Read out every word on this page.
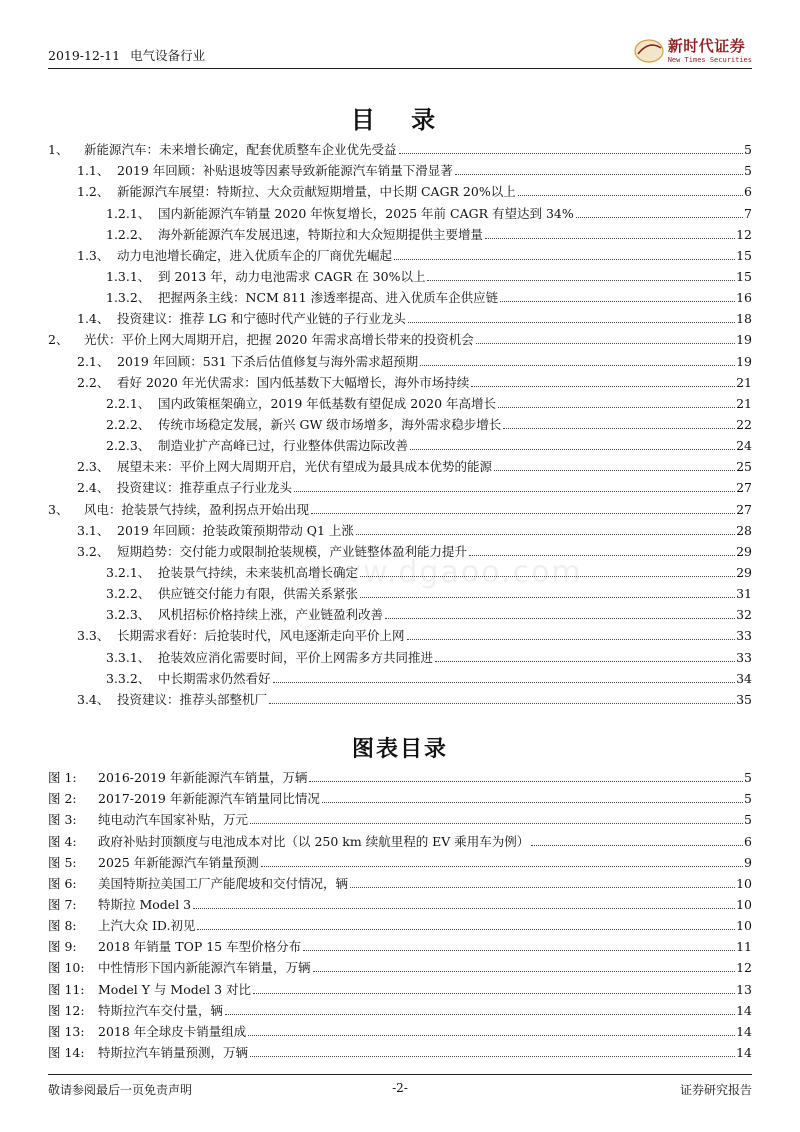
2019-12-11 电气设备行业
新时代证券
New Times Securities
目 录
1、	新能源汽车：未来增长确定，配套优质整车企业优先受益	5
1.1、 2019 年回顾：补贴退坡等因素导致新能源汽车销量下滑显著	5
1.2、 新能源汽车展望：特斯拉、大众贡献短期增量，中长期 CAGR 20%以上	6
1.2.1、 国内新能源汽车销量 2020 年恢复增长，2025 年前 CAGR 有望达到 34%	7
1.2.2、 海外新能源汽车发展迅速，特斯拉和大众短期提供主要增量	12
1.3、 动力电池增长确定，进入优质车企的厂商优先崛起	15
1.3.1、 到 2013 年，动力电池需求 CAGR 在 30%以上	15
1.3.2、 把握两条主线：NCM 811 渗透率提高、进入优质车企供应链	16
1.4、 投资建议：推荐 LG 和宁德时代产业链的子行业龙头	18
2、	光伏：平价上网大周期开启，把握 2020 年需求高增长带来的投资机会	19
2.1、 2019 年回顾：531 下杀后估值修复与海外需求超预期	19
2.2、 看好 2020 年光伏需求：国内低基数下大幅增长，海外市场持续	21
2.2.1、 国内政策框架确立，2019 年低基数有望促成 2020 年高增长	21
2.2.2、 传统市场稳定发展，新兴 GW 级市场增多，海外需求稳步增长	22
2.2.3、 制造业扩产高峰已过，行业整体供需边际改善	24
2.3、 展望未来：平价上网大周期开启，光伏有望成为最具成本优势的能源	25
2.4、 投资建议：推荐重点子行业龙头	27
3、	风电：抢装景气持续，盈利拐点开始出现	27
3.1、 2019 年回顾：抢装政策预期带动 Q1 上涨	28
3.2、 短期趋势：交付能力或限制抢装规模，产业链整体盈利能力提升	29
3.2.1、 抢装景气持续，未来装机高增长确定	29
3.2.2、 供应链交付能力有限，供需关系紧张	31
3.2.3、 风机招标价格持续上涨，产业链盈利改善	32
3.3、 长期需求看好：后抢装时代，风电逐渐走向平价上网	33
3.3.1、 抢装效应消化需要时间，平价上网需多方共同推进	33
3.3.2、 中长期需求仍然看好	34
3.4、 投资建议：推荐头部整机厂	35
图表目录
图 1:	2016-2019 年新能源汽车销量，万辆	5
图 2:	2017-2019 年新能源汽车销量同比情况	5
图 3:	纯电动汽车国家补贴，万元	5
图 4:	政府补贴封顶额度与电池成本对比（以 250 km 续航里程的 EV 乘用车为例）	6
图 5:	2025 年新能源汽车销量预测	9
图 6:	美国特斯拉美国工厂产能爬坡和交付情况，辆	10
图 7:	特斯拉 Model 3	10
图 8:	上汽大众 ID.初见	10
图 9:	2018 年销量 TOP 15 车型价格分布	11
图 10:	中性情形下国内新能源汽车销量，万辆	12
图 11:	Model Y 与 Model 3 对比	13
图 12:	特斯拉汽车交付量，辆	14
图 13:	2018 年全球皮卡销量组成	14
图 14:	特斯拉汽车销量预测，万辆	14
www.dgaoo.com
敬请参阅最后一页免责声明	-2-	证券研究报告
